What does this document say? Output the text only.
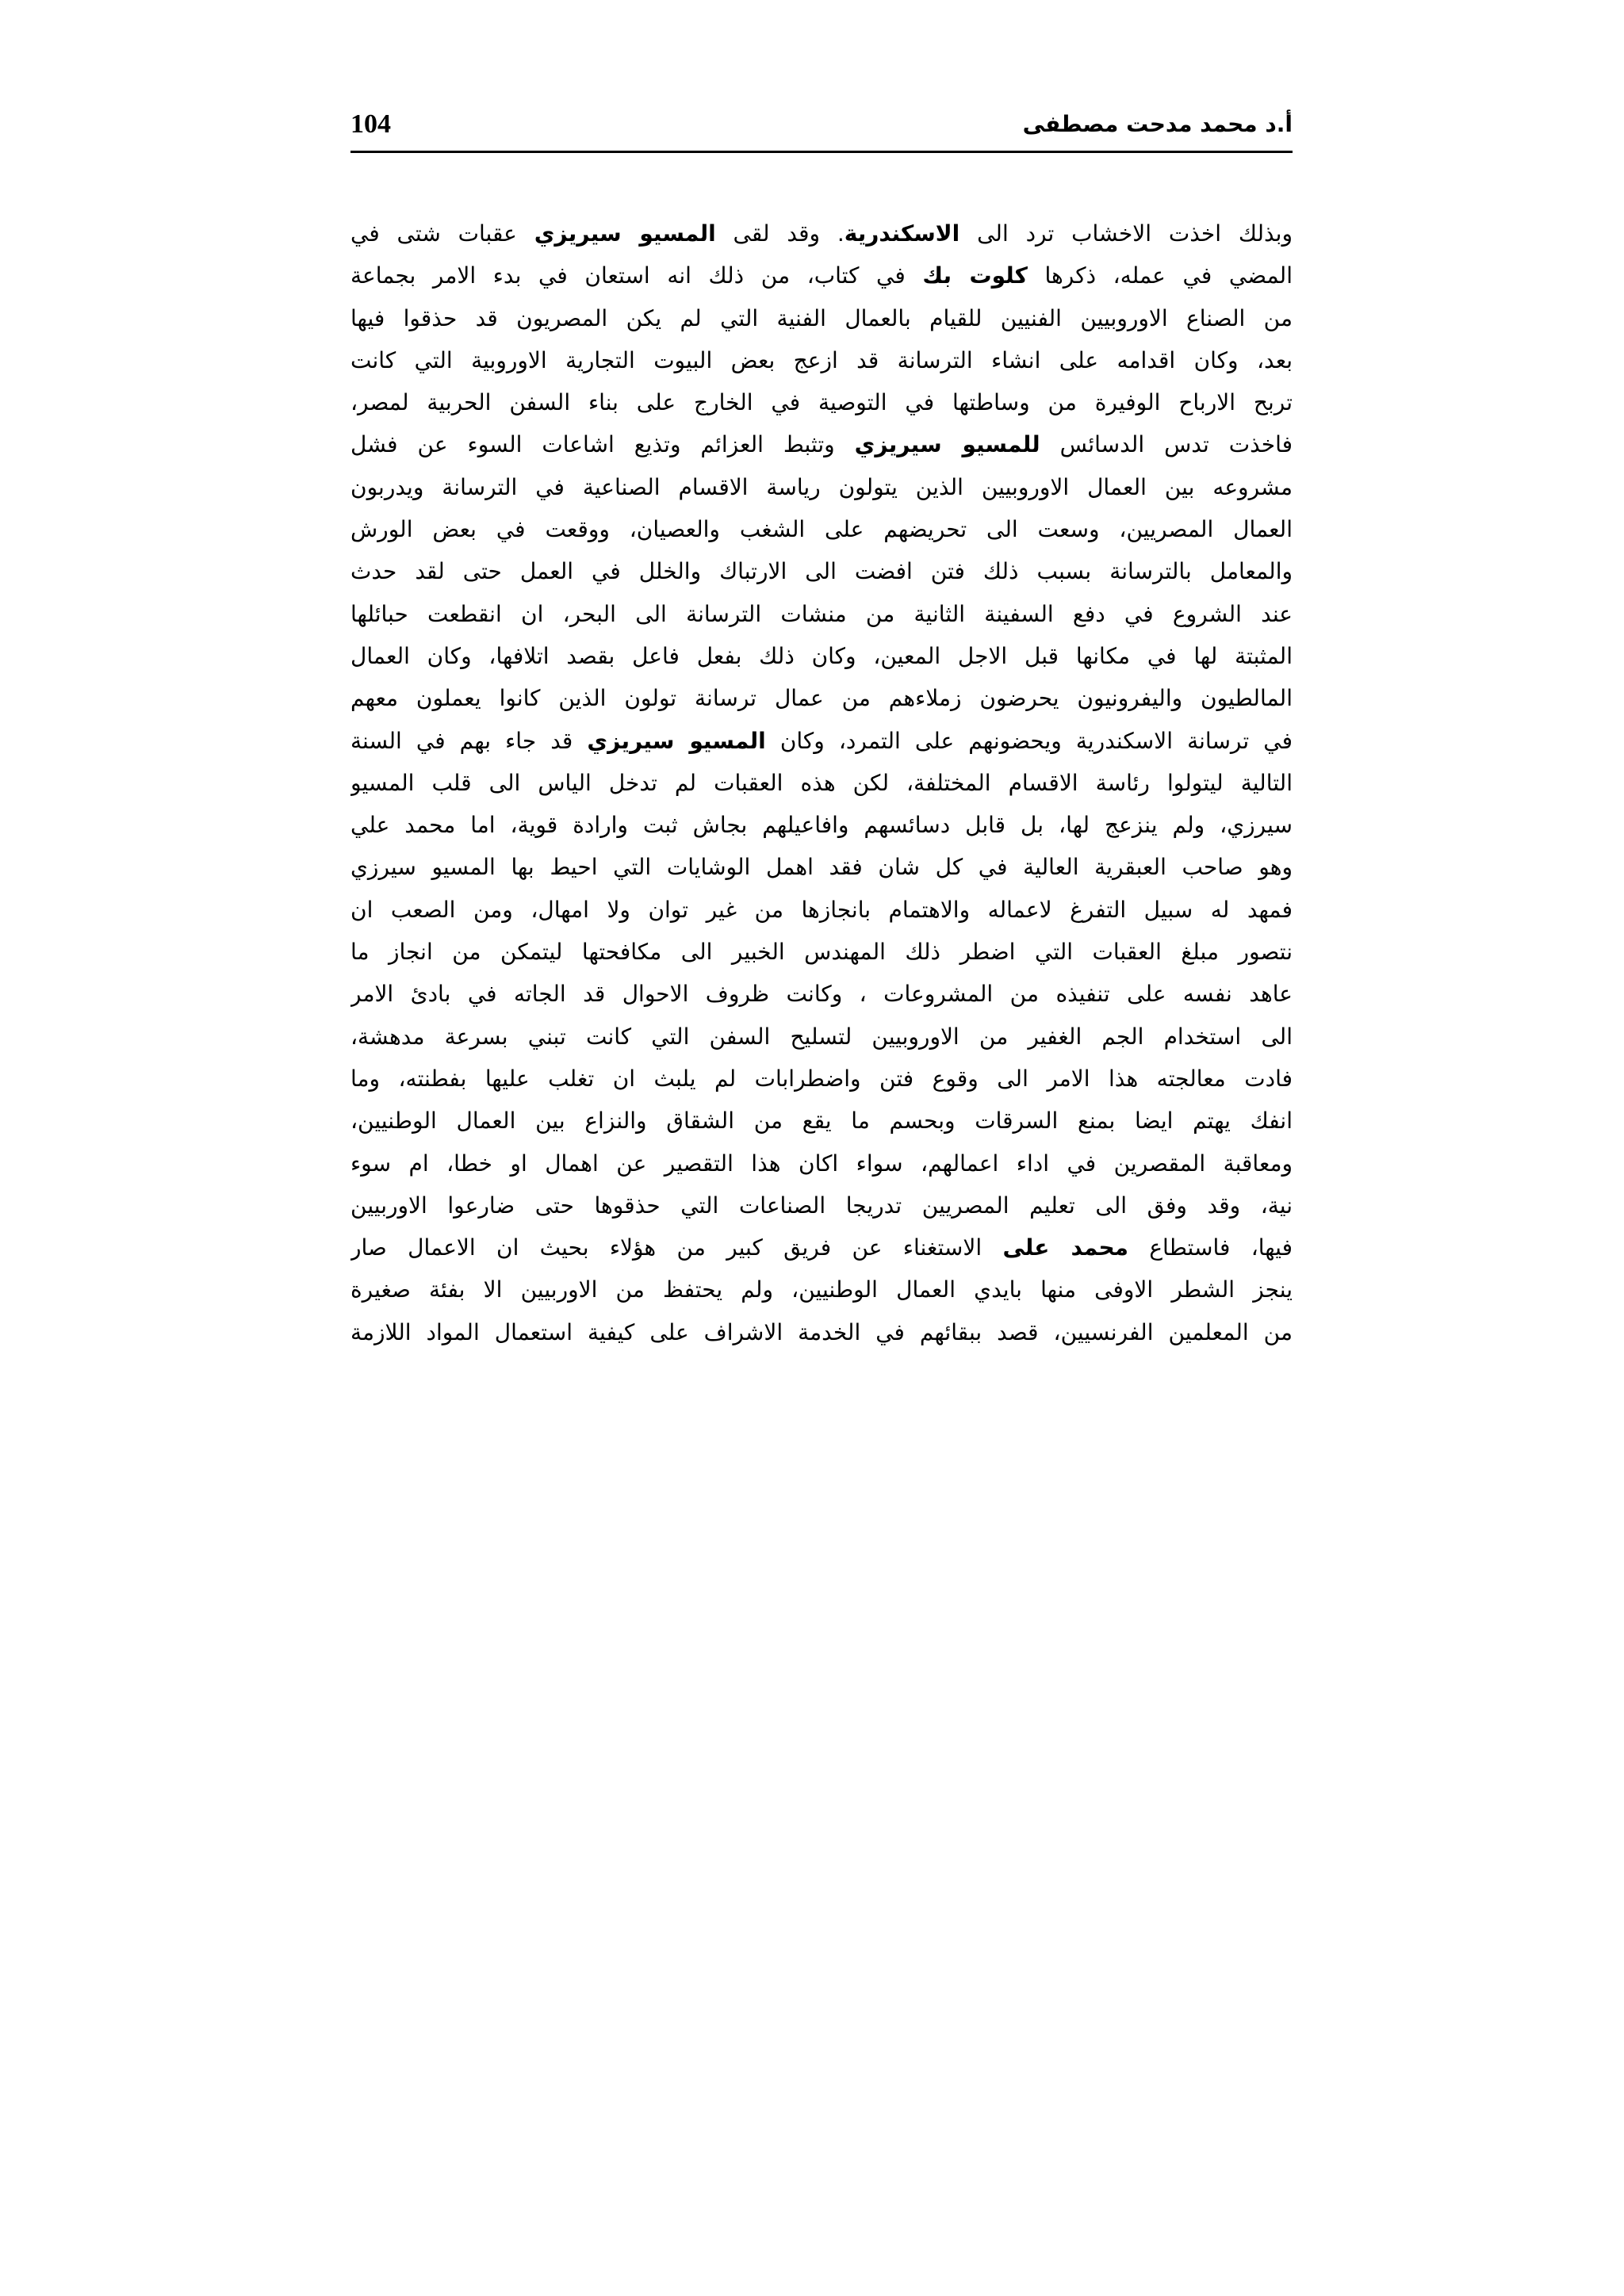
104	أ.د محمد مدحت مصطفى
وبذلك اخذت الاخشاب ترد الى الاسكندرية. وقد لقى المسيو سيريزي عقبات شتى في
المضي في عمله، ذكرها كلوت بك في كتاب، من ذلك انه استعان في بدء الامر بجماعة
من الصناع الاوروبيين الفنيين للقيام بالعمال الفنية التي لم يكن المصريون قد حذقوا فيها
بعد، وكان اقدامه على انشاء الترسانة قد ازعج بعض البيوت التجارية الاوروبية التي كانت
تربح الارباح الوفيرة من وساطتها في التوصية في الخارج على بناء السفن الحربية لمصر،
فاخذت تدس الدسائس للمسيو سيريزي وتثبط العزائم وتذيع اشاعات السوء عن فشل
مشروعه بين العمال الاوروبيين الذين يتولون رياسة الاقسام الصناعية في الترسانة ويدربون
العمال المصريين، وسعت الى تحريضهم على الشغب والعصيان، ووقعت في بعض الورش
والمعامل بالترسانة بسبب ذلك فتن افضت الى الارتباك والخلل في العمل حتى لقد حدث
عند الشروع في دفع السفينة الثانية من منشات الترسانة الى البحر، ان انقطعت حبائلها
المثبتة لها في مكانها قبل الاجل المعين، وكان ذلك بفعل فاعل بقصد اتلافها، وكان العمال
المالطيون واليفرونيون يحرضون زملاءهم من عمال ترسانة تولون الذين كانوا يعملون معهم
في ترسانة الاسكندرية ويحضونهم على التمرد، وكان المسيو سيريزي قد جاء بهم في السنة
التالية ليتولوا رئاسة الاقسام المختلفة، لكن هذه العقبات لم تدخل الياس الى قلب المسيو
سيرزي، ولم ينزعج لها، بل قابل دسائسهم وافاعيلهم بجاش ثبت وارادة قوية، اما محمد علي
وهو صاحب العبقرية العالية في كل شان فقد اهمل الوشايات التي احيط بها المسيو سيرزي
فمهد له سبيل التفرغ لاعماله والاهتمام بانجازها من غير توان ولا امهال، ومن الصعب ان
نتصور مبلغ العقبات التي اضطر ذلك المهندس الخبير الى مكافحتها ليتمكن من انجاز ما
عاهد نفسه على تنفيذه من المشروعات ، وكانت ظروف الاحوال قد الجاته في بادئ الامر
الى استخدام الجم الغفير من الاوروبيين لتسليح السفن التي كانت تبني بسرعة مدهشة،
فادت معالجته هذا الامر الى وقوع فتن واضطرابات لم يلبث ان تغلب عليها بفطنته، وما
انفك يهتم ايضا بمنع السرقات وبحسم ما يقع من الشقاق والنزاع بين العمال الوطنيين،
ومعاقبة المقصرين في اداء اعمالهم، سواء اكان هذا التقصير عن اهمال او خطا، ام سوء
نية، وقد وفق الى تعليم المصريين تدريجا الصناعات التي حذقوها حتى ضارعوا الاوربيين
فيها، فاستطاع محمد على الاستغناء عن فريق كبير من هؤلاء بحيث ان الاعمال صار
ينجز الشطر الاوفى منها بايدي العمال الوطنيين، ولم يحتفظ من الاوربيين الا بفئة صغيرة
من المعلمين الفرنسيين، قصد ببقائهم في الخدمة الاشراف على كيفية استعمال المواد اللازمة
